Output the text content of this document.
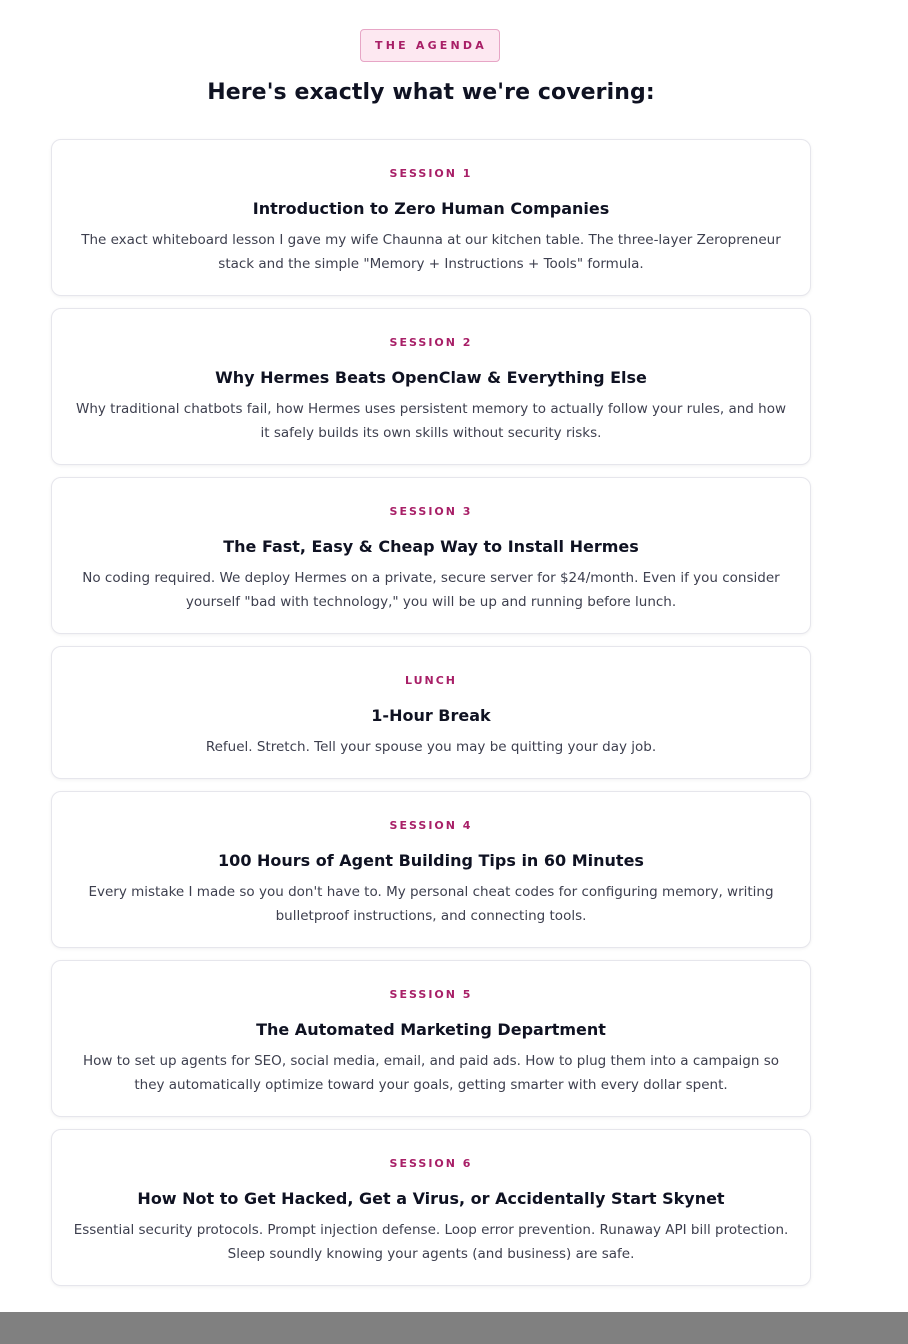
THE AGENDA
Here's exactly what we're covering:
SESSION 1
Introduction to Zero Human Companies
The exact whiteboard lesson I gave my wife Chaunna at our kitchen table. The three-layer Zeropreneur stack and the simple "Memory + Instructions + Tools" formula.
SESSION 2
Why Hermes Beats OpenClaw & Everything Else
Why traditional chatbots fail, how Hermes uses persistent memory to actually follow your rules, and how it safely builds its own skills without security risks.
SESSION 3
The Fast, Easy & Cheap Way to Install Hermes
No coding required. We deploy Hermes on a private, secure server for $24/month. Even if you consider yourself "bad with technology," you will be up and running before lunch.
LUNCH
1-Hour Break
Refuel. Stretch. Tell your spouse you may be quitting your day job.
SESSION 4
100 Hours of Agent Building Tips in 60 Minutes
Every mistake I made so you don't have to. My personal cheat codes for configuring memory, writing bulletproof instructions, and connecting tools.
SESSION 5
The Automated Marketing Department
How to set up agents for SEO, social media, email, and paid ads. How to plug them into a campaign so they automatically optimize toward your goals, getting smarter with every dollar spent.
SESSION 6
How Not to Get Hacked, Get a Virus, or Accidentally Start Skynet
Essential security protocols. Prompt injection defense. Loop error prevention. Runaway API bill protection. Sleep soundly knowing your agents (and business) are safe.
